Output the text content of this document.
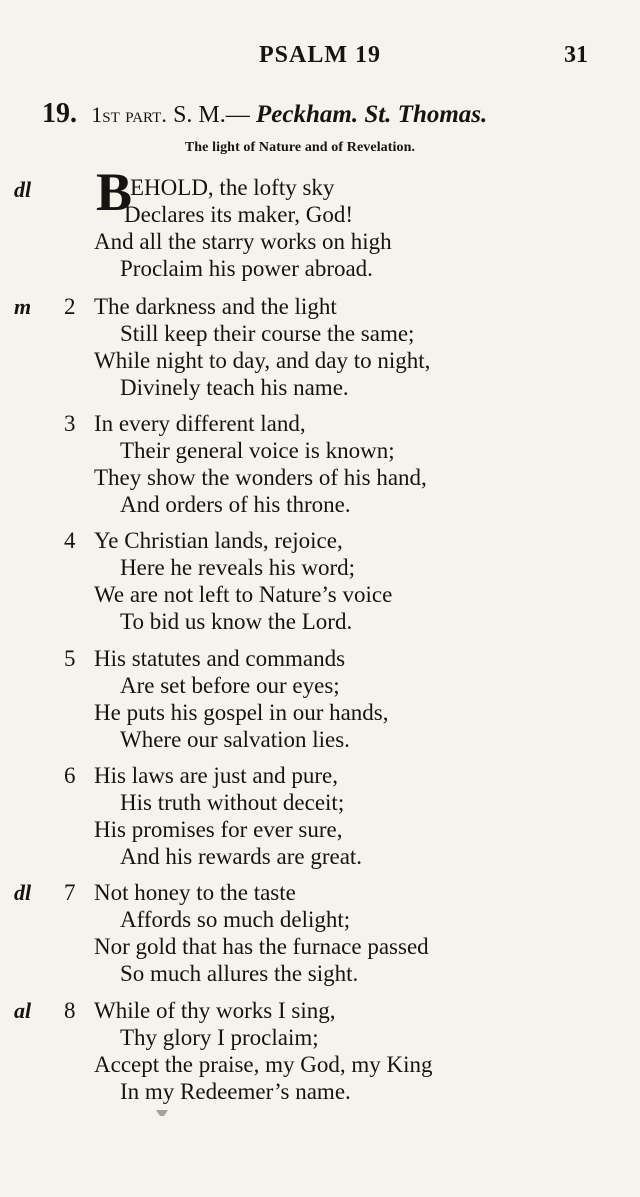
PSALM 19	31
19. 1st part. S. M.— Peckham. St. Thomas.
The light of Nature and of Revelation.
dl B
EHOLD, the lofty sky
Declares its maker, God!
And all the starry works on high
Proclaim his power abroad.
m 2 The darkness and the light
Still keep their course the same;
While night to day, and day to night,
Divinely teach his name.
3 In every different land,
Their general voice is known;
They show the wonders of his hand,
And orders of his throne.
4 Ye Christian lands, rejoice,
Here he reveals his word;
We are not left to Nature’s voice
To bid us know the Lord.
5 His statutes and commands
Are set before our eyes;
He puts his gospel in our hands,
Where our salvation lies.
6 His laws are just and pure,
His truth without deceit;
His promises for ever sure,
And his rewards are great.
dl 7 Not honey to the taste
Affords so much delight;
Nor gold that has the furnace passed
So much allures the sight.
al 8 While of thy works I sing,
Thy glory I proclaim;
Accept the praise, my God, my King
In my Redeemer’s name.
